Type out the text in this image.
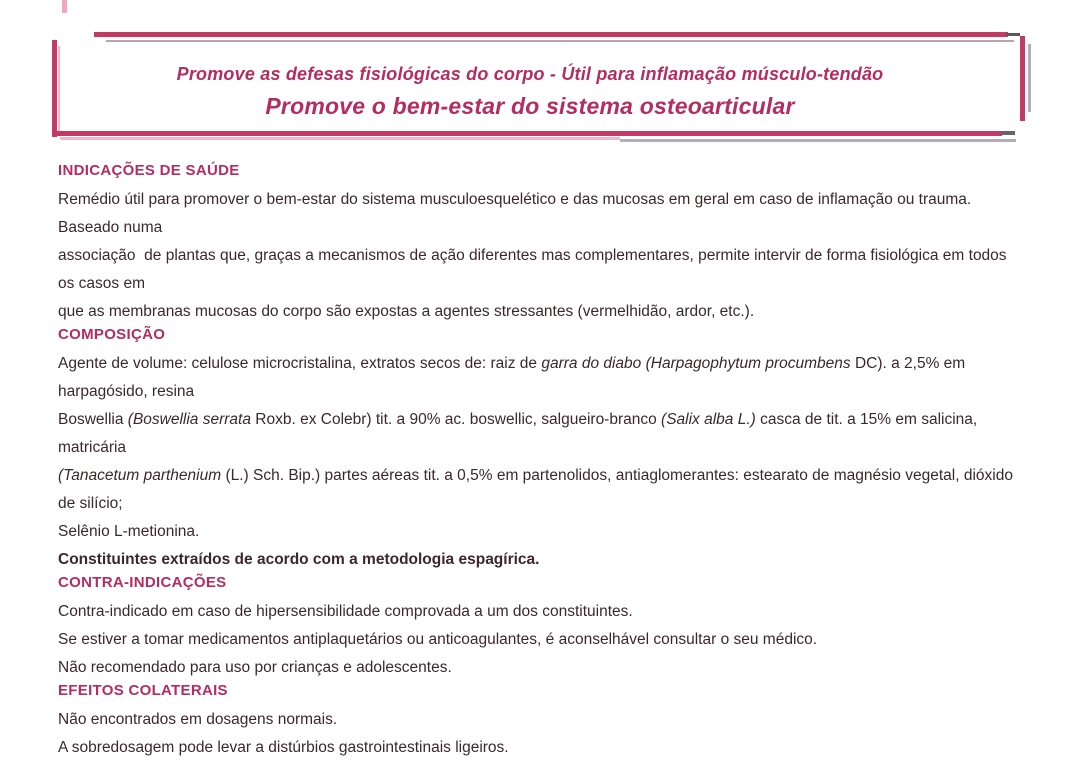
Promove as defesas fisiológicas do corpo - Útil para inflamação músculo-tendão
Promove o bem-estar do sistema osteoarticular
INDICAÇÕES DE SAÚDE
Remédio útil para promover o bem-estar do sistema musculoesquelético e das mucosas em geral em caso de inflamação ou trauma. Baseado numa
associação  de plantas que, graças a mecanismos de ação diferentes mas complementares, permite intervir de forma fisiológica em todos os casos em
que as membranas mucosas do corpo são expostas a agentes stressantes (vermelhidão, ardor, etc.).
COMPOSIÇÃO
Agente de volume: celulose microcristalina, extratos secos de: raiz de garra do diabo (Harpagophytum procumbens DC). a 2,5% em harpagósido, resina
Boswellia (Boswellia serrata Roxb. ex Colebr) tit. a 90% ac. boswellic, salgueiro-branco (Salix alba L.) casca de tit. a 15% em salicina, matricária
(Tanacetum parthenium (L.) Sch. Bip.) partes aéreas tit. a 0,5% em partenolidos, antiaglomerantes: estearato de magnésio vegetal, dióxido de silício;
Selênio L-metionina.
Constituintes extraídos de acordo com a metodologia espagírica.
CONTRA-INDICAÇÕES
Contra-indicado em caso de hipersensibilidade comprovada a um dos constituintes.
Se estiver a tomar medicamentos antiplaquetários ou anticoagulantes, é aconselhável consultar o seu médico.
Não recomendado para uso por crianças e adolescentes.
EFEITOS COLATERAIS
Não encontrados em dosagens normais.
A sobredosagem pode levar a distúrbios gastrointestinais ligeiros.
